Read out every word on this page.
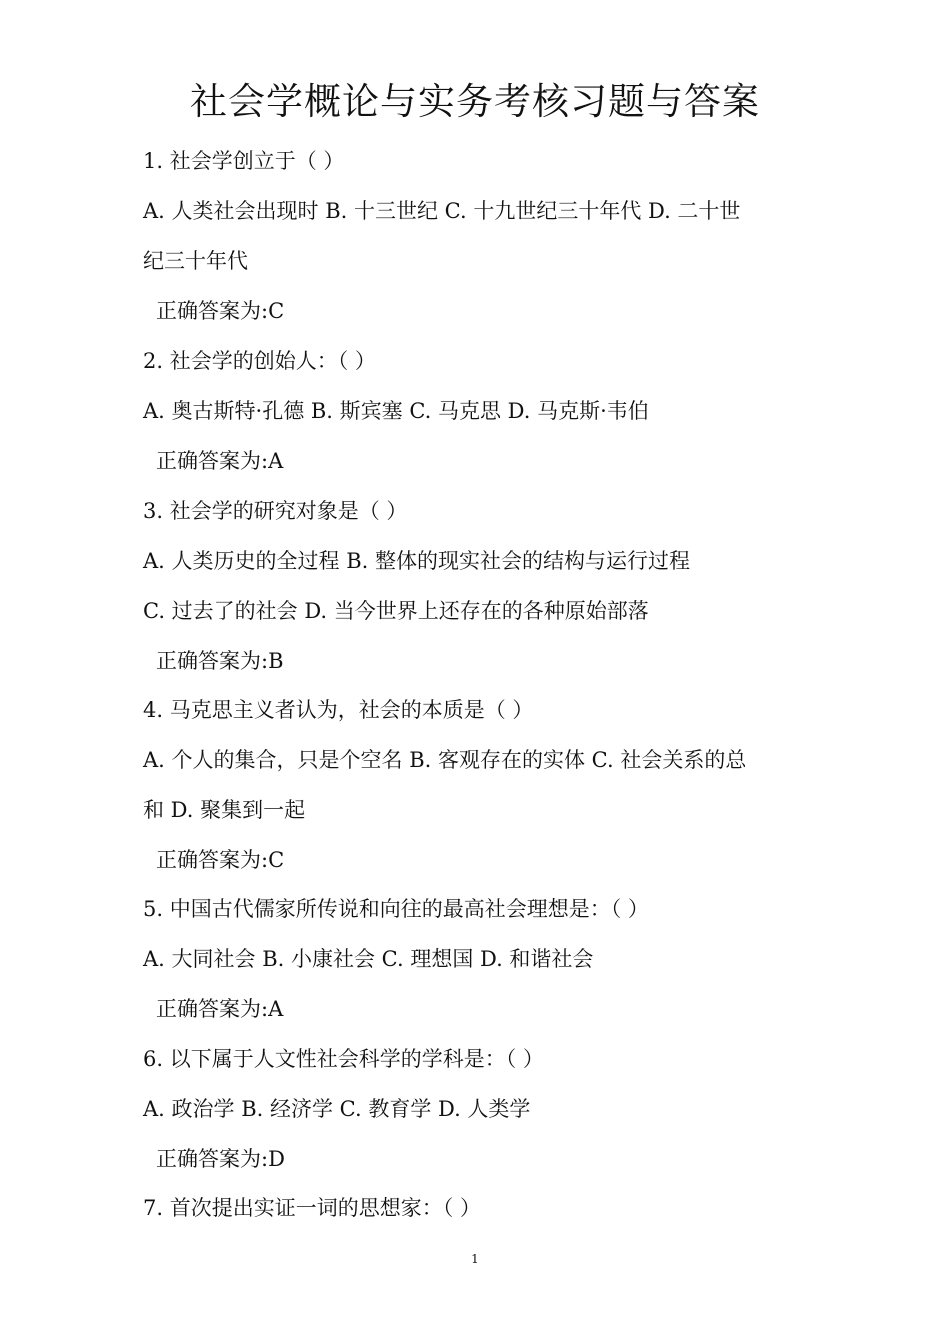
社会学概论与实务考核习题与答案
1. 社会学创立于（ ）
A. 人类社会出现时 B. 十三世纪 C. 十九世纪三十年代 D. 二十世
纪三十年代
正确答案为:C
2. 社会学的创始人：（ ）
A. 奥古斯特·孔德 B. 斯宾塞 C. 马克思 D. 马克斯·韦伯
正确答案为:A
3. 社会学的研究对象是（ ）
A. 人类历史的全过程 B. 整体的现实社会的结构与运行过程
C. 过去了的社会 D. 当今世界上还存在的各种原始部落
正确答案为:B
4. 马克思主义者认为，社会的本质是（ ）
A. 个人的集合，只是个空名 B. 客观存在的实体 C. 社会关系的总
和 D. 聚集到一起
正确答案为:C
5. 中国古代儒家所传说和向往的最高社会理想是：（ ）
A. 大同社会 B. 小康社会 C. 理想国 D. 和谐社会
正确答案为:A
6. 以下属于人文性社会科学的学科是：（ ）
A. 政治学 B. 经济学 C. 教育学 D. 人类学
正确答案为:D
7. 首次提出实证一词的思想家：（ ）
1
